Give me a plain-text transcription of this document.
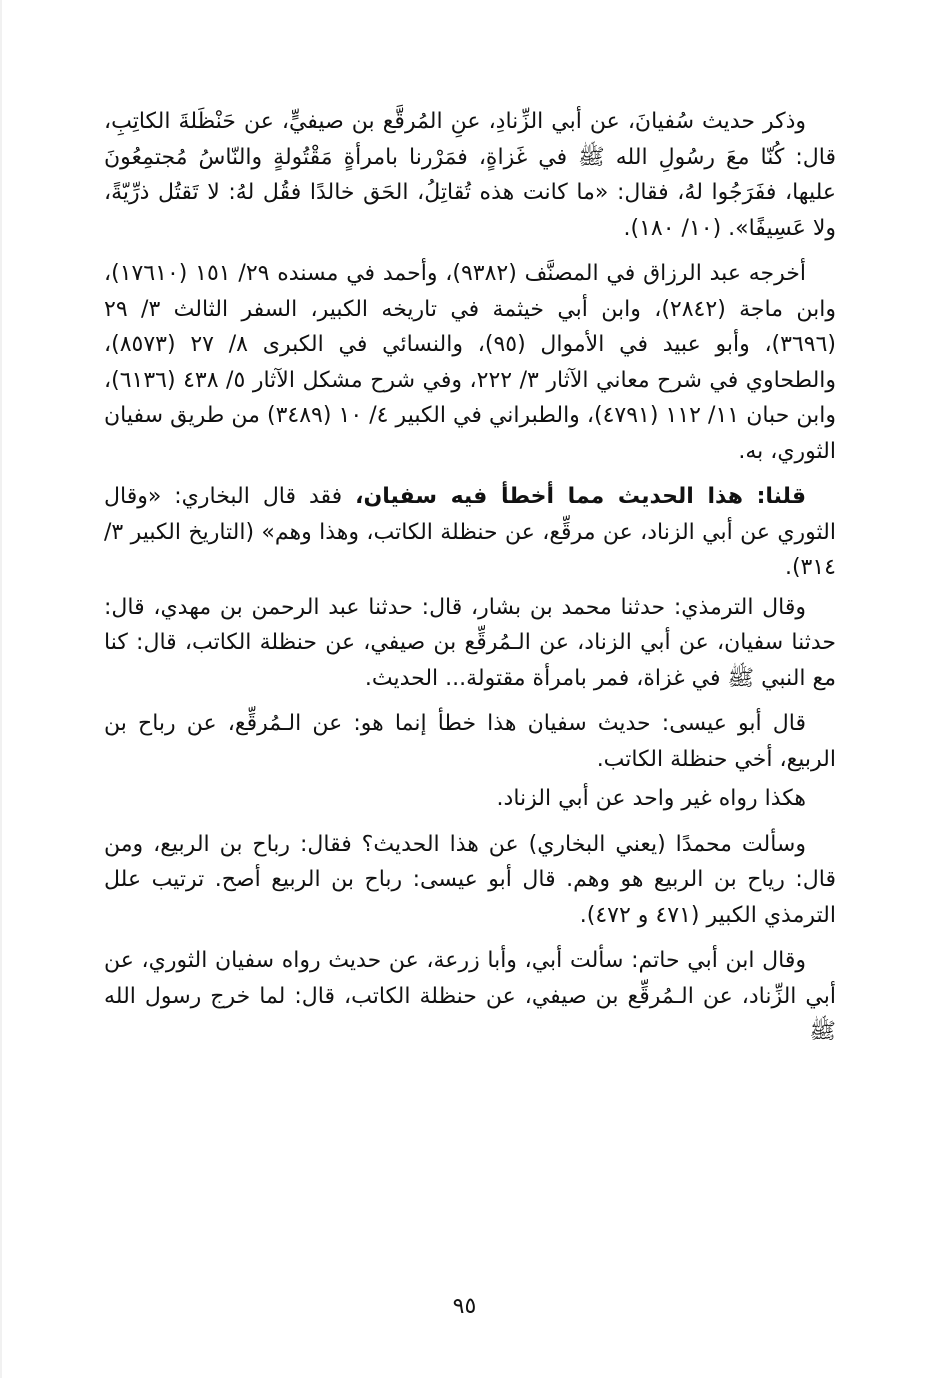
وذكر حديث سُفيانَ، عن أبي الزِّنادِ، عنِ المُرقَّع بن صيفيٍّ، عن حَنْظَلةَ الكاتِبِ، قال: كُنّا معَ رسُولِ الله ﷺ في غَزاةٍ، فمَرْرنا بامرأةٍ مَقْتُولةٍ والنّاسُ مُجتمِعُونَ عليها، ففَرَجُوا لهُ، فقال: «ما كانت هذه تُقاتِلُ، الحَق خالدًا فقُل لهُ: لا تَقتُل ذرِّيّةً، ولا عَسِيفًا». (١٠/ ١٨٠).

أخرجه عبد الرزاق في المصنَّف (٩٣٨٢)، وأحمد في مسنده ٢٩/ ١٥١ (١٧٦١٠)، وابن ماجة (٢٨٤٢)، وابن أبي خيثمة في تاريخه الكبير، السفر الثالث ٣/ ٢٩ (٣٦٩٦)، وأبو عبيد في الأموال (٩٥)، والنسائي في الكبرى ٨/ ٢٧ (٨٥٧٣)، والطحاوي في شرح معاني الآثار ٣/ ٢٢٢، وفي شرح مشكل الآثار ٥/ ٤٣٨ (٦١٣٦)، وابن حبان ١١/ ١١٢ (٤٧٩١)، والطبراني في الكبير ٤/ ١٠ (٣٤٨٩) من طريق سفيان الثوري، به.

قلنا: هذا الحديث مما أخطأ فيه سفيان، فقد قال البخاري: «وقال الثوري عن أبي الزناد، عن مرقِّع، عن حنظلة الكاتب، وهذا وهم» (التاريخ الكبير ٣/ ٣١٤).

وقال الترمذي: حدثنا محمد بن بشار، قال: حدثنا عبد الرحمن بن مهدي، قال: حدثنا سفيان، عن أبي الزناد، عن الـمُرقِّع بن صيفي، عن حنظلة الكاتب، قال: كنا مع النبي ﷺ في غزاة، فمر بامرأة مقتولة... الحديث.

قال أبو عيسى: حديث سفيان هذا خطأ إنما هو: عن الـمُرقِّع، عن رباح بن الربيع، أخي حنظلة الكاتب.

هكذا رواه غير واحد عن أبي الزناد.

وسألت محمدًا (يعني البخاري) عن هذا الحديث؟ فقال: رباح بن الربيع، ومن قال: رياح بن الربيع هو وهم. قال أبو عيسى: رباح بن الربيع أصح. ترتيب علل الترمذي الكبير (٤٧١ و ٤٧٢).

وقال ابن أبي حاتم: سألت أبي، وأبا زرعة، عن حديث رواه سفيان الثوري، عن أبي الزِّناد، عن الـمُرقِّع بن صيفي، عن حنظلة الكاتب، قال: لما خرج رسول الله ﷺ

٩٥
